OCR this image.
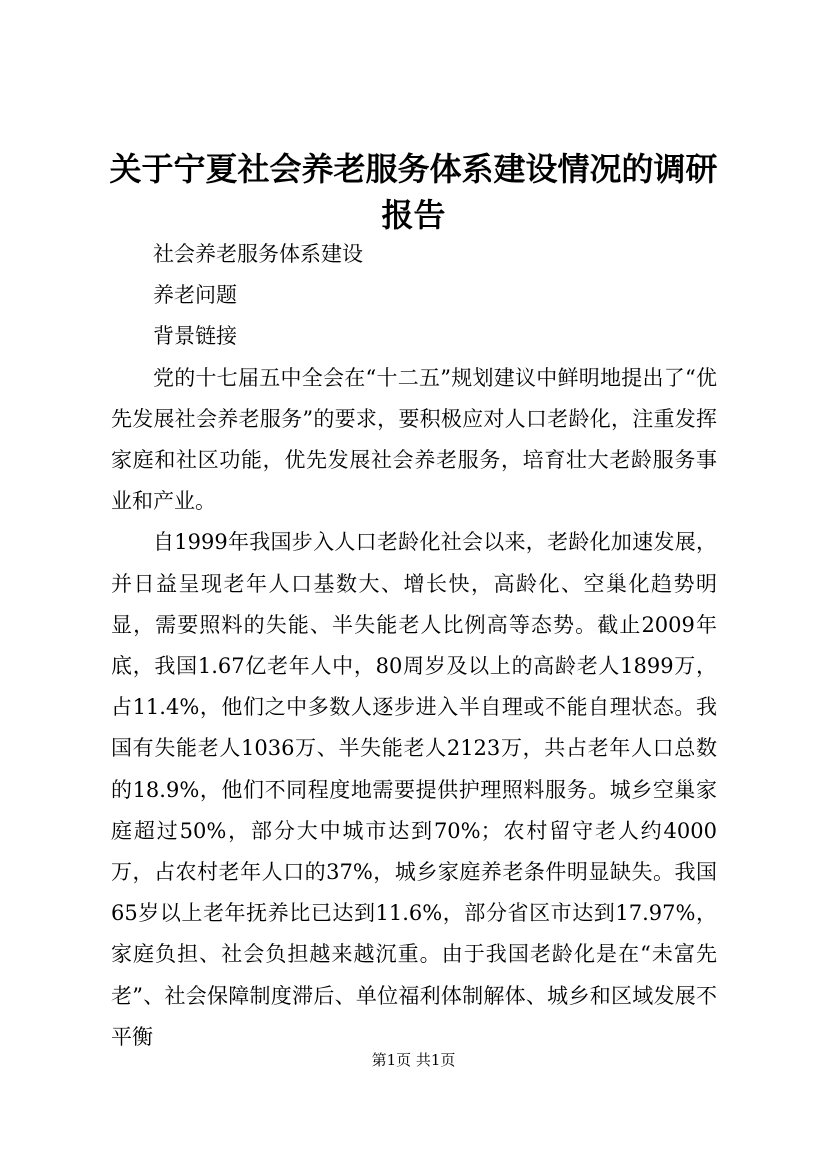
关于宁夏社会养老服务体系建设情况的调研报告

社会养老服务体系建设

养老问题

背景链接

党的十七届五中全会在“十二五”规划建议中鲜明地提出了“优先发展社会养老服务”的要求，要积极应对人口老龄化，注重发挥家庭和社区功能，优先发展社会养老服务，培育壮大老龄服务事业和产业。

自1999年我国步入人口老龄化社会以来，老龄化加速发展，并日益呈现老年人口基数大、增长快，高龄化、空巢化趋势明显，需要照料的失能、半失能老人比例高等态势。截止2009年底，我国1.67亿老年人中，80周岁及以上的高龄老人1899万，占11.4%，他们之中多数人逐步进入半自理或不能自理状态。我国有失能老人1036万、半失能老人2123万，共占老年人口总数的18.9%，他们不同程度地需要提供护理照料服务。城乡空巢家庭超过50%，部分大中城市达到70%；农村留守老人约4000万，占农村老年人口的37%，城乡家庭养老条件明显缺失。我国65岁以上老年抚养比已达到11.6%，部分省区市达到17.97%，家庭负担、社会负担越来越沉重。由于我国老龄化是在“未富先老”、社会保障制度滞后、单位福利体制解体、城乡和区域发展不平衡

第1页 共1页
